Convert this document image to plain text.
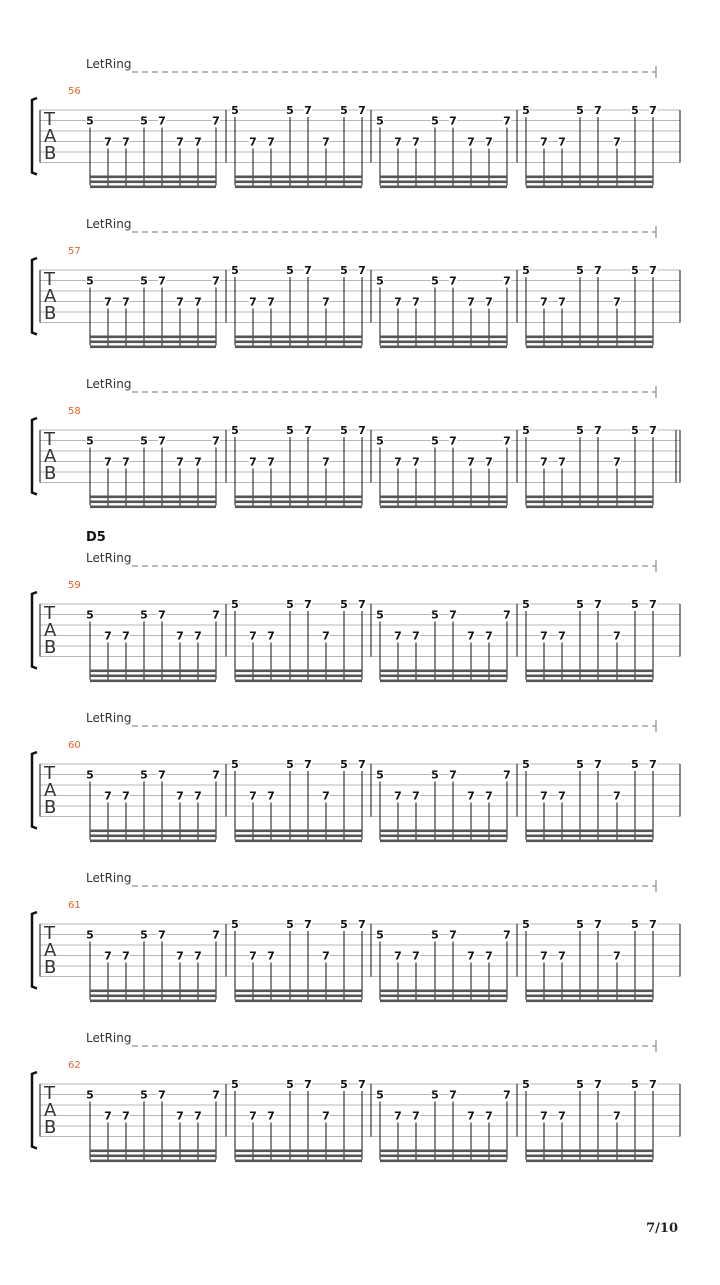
LetRing
56
T
A
B
5
7 7
5 7
7 7
7
5
7 7
5 7
7
5 7
5
7 7
5 7
7 7
7
5
7 7
5 7
7
5 7
LetRing
57
T
A
B
5
7 7
5 7
7 7
7
5
7 7
5 7
7
5 7
5
7 7
5 7
7 7
7
5
7 7
5 7
7
5 7
LetRing
58
T
A
B
5
7 7
5 7
7 7
7
5
7 7
5 7
7
5 7
5
7 7
5 7
7 7
7
5
7 7
5 7
7
5 7
D5
LetRing
59
T
A
B
5
7 7
5 7
7 7
7
5
7 7
5 7
7
5 7
5
7 7
5 7
7 7
7
5
7 7
5 7
7
5 7
LetRing
60
T
A
B
5
7 7
5 7
7 7
7
5
7 7
5 7
7
5 7
5
7 7
5 7
7 7
7
5
7 7
5 7
7
5 7
LetRing
61
T
A
B
5
7 7
5 7
7 7
7
5
7 7
5 7
7
5 7
5
7 7
5 7
7 7
7
5
7 7
5 7
7
5 7
LetRing
62
T
A
B
5
7 7
5 7
7 7
7
5
7 7
5 7
7
5 7
5
7 7
5 7
7 7
7
5
7 7
5 7
7
5 7
7/10
